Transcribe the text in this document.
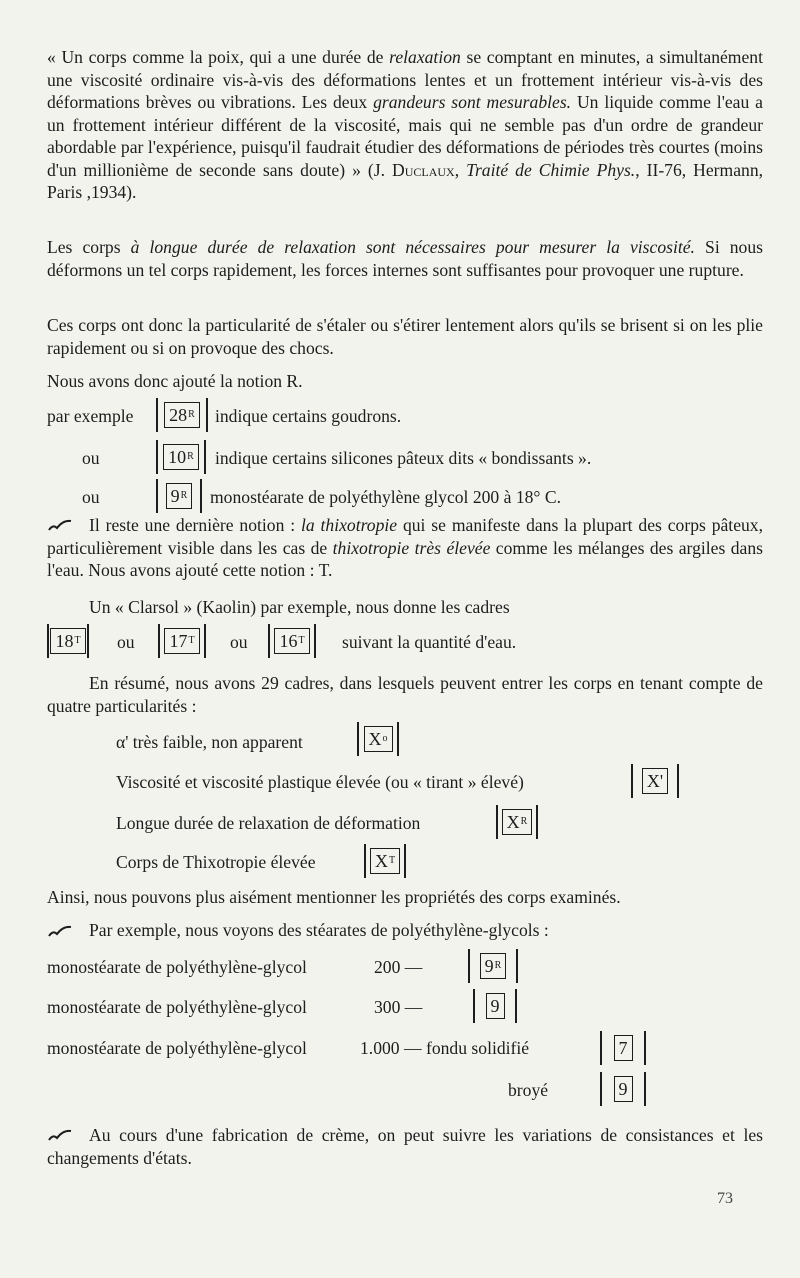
« Un corps comme la poix, qui a une durée de relaxation se comptant en minutes, a simultanément une viscosité ordinaire vis-à-vis des déformations lentes et un frottement intérieur vis-à-vis des déformations brèves ou vibrations. Les deux grandeurs sont mesurables. Un liquide comme l'eau a un frottement intérieur différent de la viscosité, mais qui ne semble pas d'un ordre de grandeur abordable par l'expérience, puisqu'il faudrait étudier des déformations de périodes très courtes (moins d'un millionième de seconde sans doute) » (J. Duclaux, Traité de Chimie Phys., II-76, Hermann, Paris ,1934).

Les corps à longue durée de relaxation sont nécessaires pour mesurer la viscosité. Si nous déformons un tel corps rapidement, les forces internes sont suffisantes pour provoquer une rupture.

Ces corps ont donc la particularité de s'étaler ou s'étirer lentement alors qu'ils se brisent si on les plie rapidement ou si on provoque des chocs.

Nous avons donc ajouté la notion R.
par exemple 28 R indique certains goudrons.
ou	10 R indique certains silicones pâteux dits « bondissants ».
ou	9 R monostéarate de polyéthylène glycol 200 à 18° C.

Il reste une dernière notion : la thixotropie qui se manifeste dans la plupart des corps pâteux, particulièrement visible dans les cas de thixotropie très élevée comme les mélanges des argiles dans l'eau. Nous avons ajouté cette notion : T.

Un « Clarsol » (Kaolin) par exemple, nous donne les cadres
18 T ou 17 T ou 16 T suivant la quantité d'eau.

En résumé, nous avons 29 cadres, dans lesquels peuvent entrer les corps en tenant compte de quatre particularités :

α' très faible, non apparent	X o
Viscosité et viscosité plastique élevée (ou « tirant » élevé)	X'
Longue durée de relaxation de déformation	X R
Corps de Thixotropie élevée	X T
Ainsi, nous pouvons plus aisément mentionner les propriétés des corps examinés.
Par exemple, nous voyons des stéarates de polyéthylène-glycols :
monostéarate de polyéthylène-glycol	200 —	9 R
monostéarate de polyéthylène-glycol	300 —	9
monostéarate de polyéthylène-glycol	1.000 — fondu solidifié	7
broyé	9

Au cours d'une fabrication de crème, on peut suivre les variations de consistances et les changements d'états.

73
